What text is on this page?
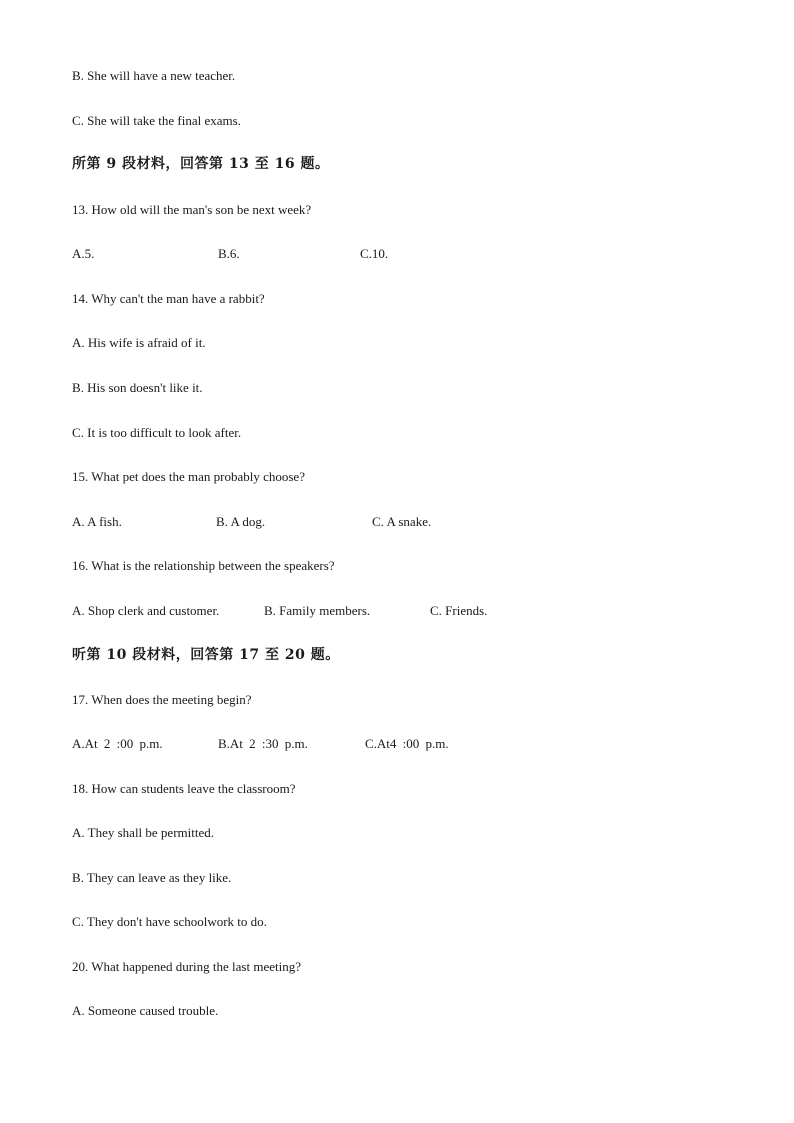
B. She will have a new teacher.
C. She will take the final exams.
所第 9 段材料，回答第 13 至 16 题。
13. How old will the man's son be next week?
A.5.	B.6.	C.10.
14. Why can't the man have a rabbit?
A. His wife is afraid of it.
B. His son doesn't like it.
C. It is too difficult to look after.
15. What pet does the man probably choose?
A. A fish.	B. A dog.	C. A snake.
16. What is the relationship between the speakers?
A. Shop clerk and customer.	B. Family members.	C. Friends.
听第 10 段材料，回答第 17 至 20 题。
17. When does the meeting begin?
A.At 2 :00 p.m.	B.At 2 :30 p.m.	C.At4 :00 p.m.
18. How can students leave the classroom?
A. They shall be permitted.
B. They can leave as they like.
C. They don't have schoolwork to do.
20. What happened during the last meeting?
A. Someone caused trouble.
